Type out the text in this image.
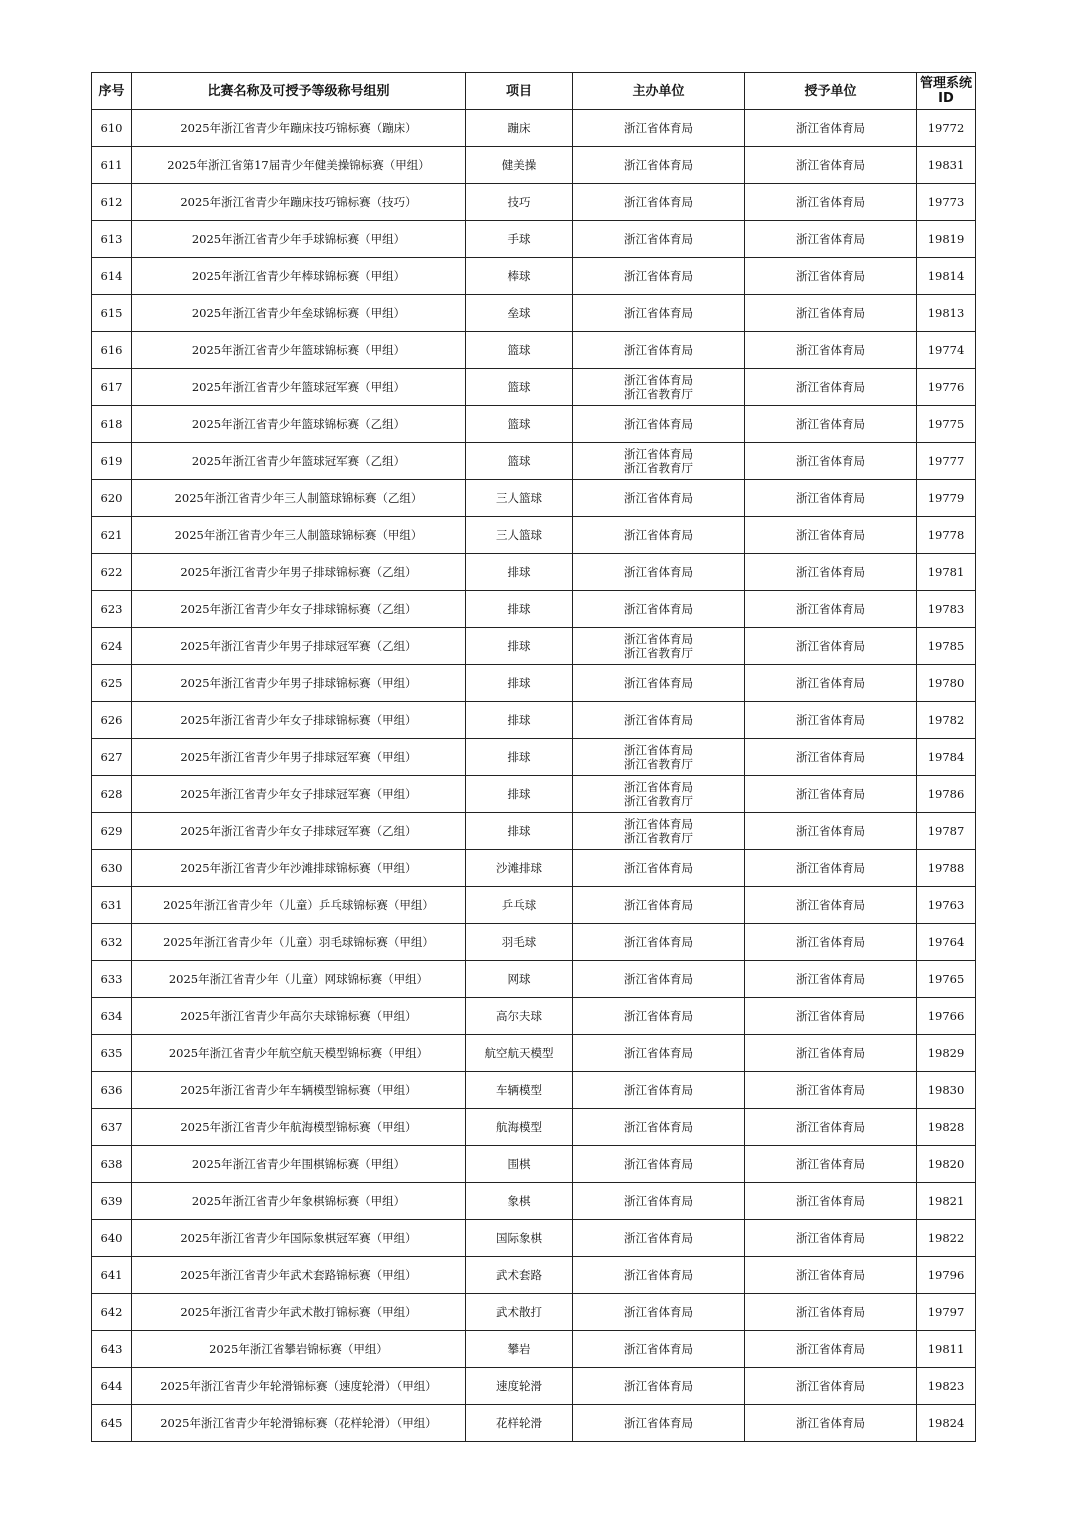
序号	比赛名称及可授予等级称号组别	项目	主办单位	授予单位	管理系统
ID

610	2025年浙江省青少年蹦床技巧锦标赛（蹦床）	蹦床	浙江省体育局	浙江省体育局	19772
611	2025年浙江省第17届青少年健美操锦标赛（甲组）	健美操	浙江省体育局	浙江省体育局	19831
612	2025年浙江省青少年蹦床技巧锦标赛（技巧）	技巧	浙江省体育局	浙江省体育局	19773
613	2025年浙江省青少年手球锦标赛（甲组）	手球	浙江省体育局	浙江省体育局	19819
614	2025年浙江省青少年棒球锦标赛（甲组）	棒球	浙江省体育局	浙江省体育局	19814
615	2025年浙江省青少年垒球锦标赛（甲组）	垒球	浙江省体育局	浙江省体育局	19813
616	2025年浙江省青少年篮球锦标赛（甲组）	篮球	浙江省体育局	浙江省体育局	19774
617	2025年浙江省青少年篮球冠军赛（甲组）	篮球	浙江省体育局
浙江省教育厅	浙江省体育局	19776
618	2025年浙江省青少年篮球锦标赛（乙组）	篮球	浙江省体育局	浙江省体育局	19775
619	2025年浙江省青少年篮球冠军赛（乙组）	篮球	浙江省体育局
浙江省教育厅	浙江省体育局	19777
620	2025年浙江省青少年三人制篮球锦标赛（乙组）	三人篮球	浙江省体育局	浙江省体育局	19779
621	2025年浙江省青少年三人制篮球锦标赛（甲组）	三人篮球	浙江省体育局	浙江省体育局	19778
622	2025年浙江省青少年男子排球锦标赛（乙组）	排球	浙江省体育局	浙江省体育局	19781
623	2025年浙江省青少年女子排球锦标赛（乙组）	排球	浙江省体育局	浙江省体育局	19783
624	2025年浙江省青少年男子排球冠军赛（乙组）	排球	浙江省体育局
浙江省教育厅	浙江省体育局	19785
625	2025年浙江省青少年男子排球锦标赛（甲组）	排球	浙江省体育局	浙江省体育局	19780
626	2025年浙江省青少年女子排球锦标赛（甲组）	排球	浙江省体育局	浙江省体育局	19782
627	2025年浙江省青少年男子排球冠军赛（甲组）	排球	浙江省体育局
浙江省教育厅	浙江省体育局	19784
628	2025年浙江省青少年女子排球冠军赛（甲组）	排球	浙江省体育局
浙江省教育厅	浙江省体育局	19786
629	2025年浙江省青少年女子排球冠军赛（乙组）	排球	浙江省体育局
浙江省教育厅	浙江省体育局	19787
630	2025年浙江省青少年沙滩排球锦标赛（甲组）	沙滩排球	浙江省体育局	浙江省体育局	19788
631	2025年浙江省青少年（儿童）乒乓球锦标赛（甲组）	乒乓球	浙江省体育局	浙江省体育局	19763
632	2025年浙江省青少年（儿童）羽毛球锦标赛（甲组）	羽毛球	浙江省体育局	浙江省体育局	19764
633	2025年浙江省青少年（儿童）网球锦标赛（甲组）	网球	浙江省体育局	浙江省体育局	19765
634	2025年浙江省青少年高尔夫球锦标赛（甲组）	高尔夫球	浙江省体育局	浙江省体育局	19766
635	2025年浙江省青少年航空航天模型锦标赛（甲组）	航空航天模型	浙江省体育局	浙江省体育局	19829
636	2025年浙江省青少年车辆模型锦标赛（甲组）	车辆模型	浙江省体育局	浙江省体育局	19830
637	2025年浙江省青少年航海模型锦标赛（甲组）	航海模型	浙江省体育局	浙江省体育局	19828
638	2025年浙江省青少年围棋锦标赛（甲组）	围棋	浙江省体育局	浙江省体育局	19820
639	2025年浙江省青少年象棋锦标赛（甲组）	象棋	浙江省体育局	浙江省体育局	19821
640	2025年浙江省青少年国际象棋冠军赛（甲组）	国际象棋	浙江省体育局	浙江省体育局	19822
641	2025年浙江省青少年武术套路锦标赛（甲组）	武术套路	浙江省体育局	浙江省体育局	19796
642	2025年浙江省青少年武术散打锦标赛（甲组）	武术散打	浙江省体育局	浙江省体育局	19797
643	2025年浙江省攀岩锦标赛（甲组）	攀岩	浙江省体育局	浙江省体育局	19811
644	2025年浙江省青少年轮滑锦标赛（速度轮滑）（甲组）	速度轮滑	浙江省体育局	浙江省体育局	19823
645	2025年浙江省青少年轮滑锦标赛（花样轮滑）（甲组）	花样轮滑	浙江省体育局	浙江省体育局	19824
